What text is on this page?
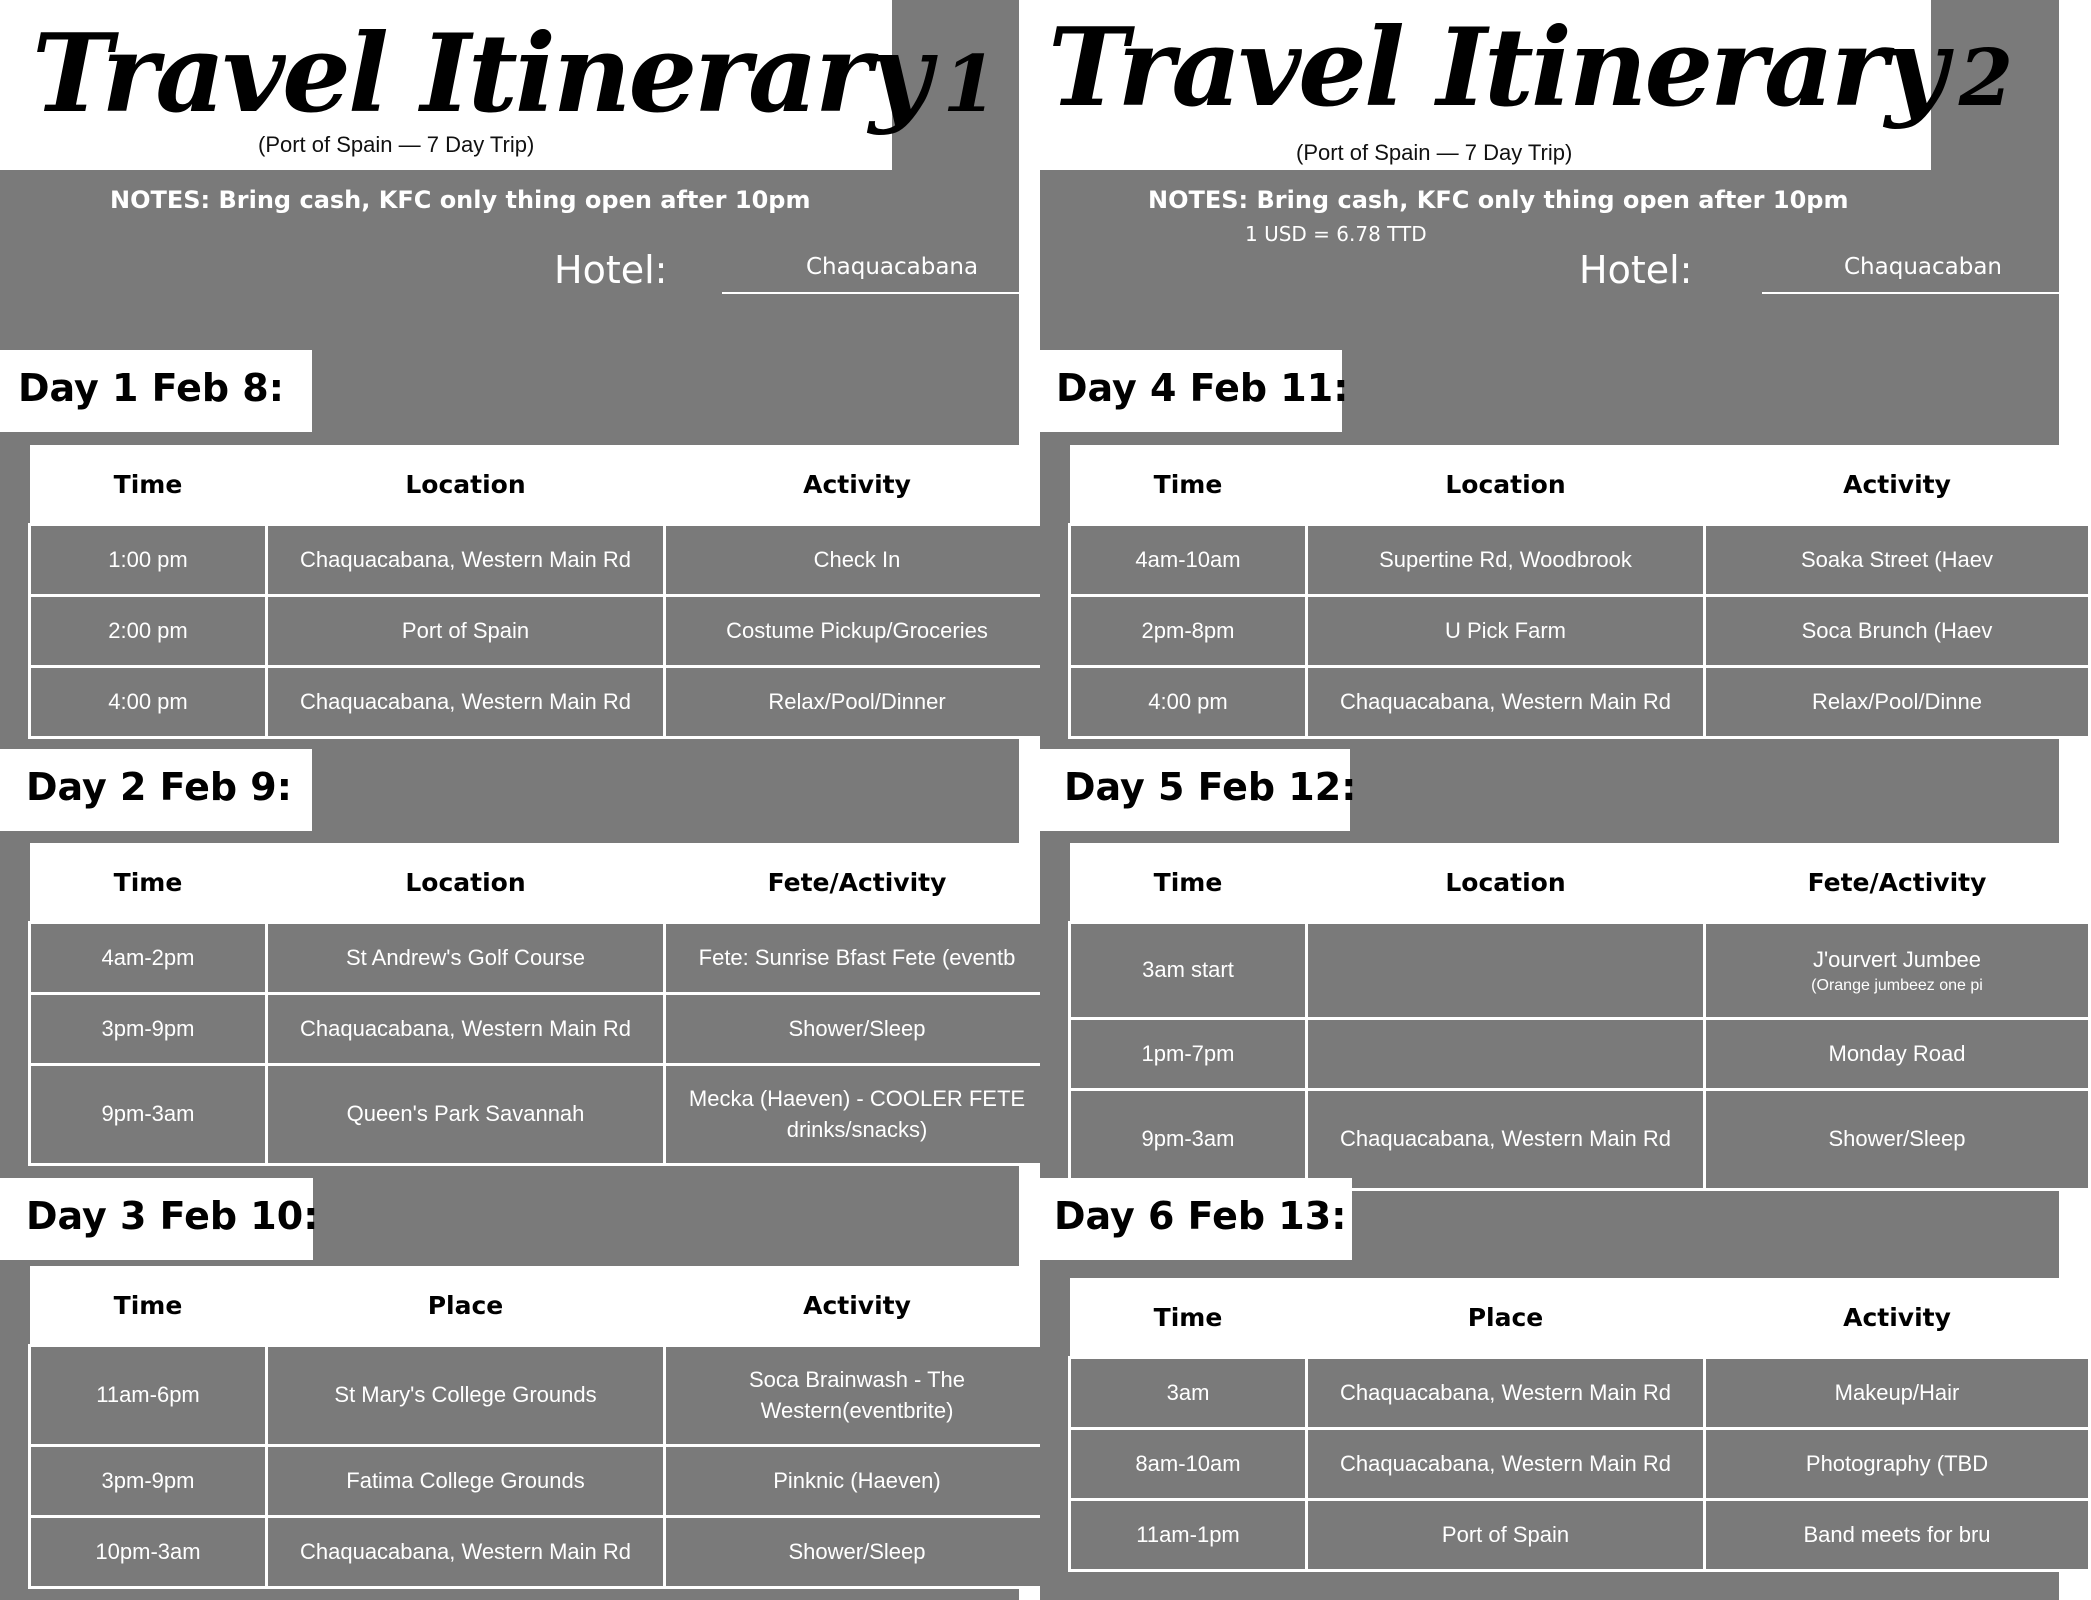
Travel Itinerary 1
(Port of Spain — 7 Day Trip)
NOTES: Bring cash, KFC only thing open after 10pm
Hotel:	Chaquacabana
Day 1 Feb 8:
Time	Location	Activity
1:00 pm	Chaquacabana, Western Main Rd	Check In
2:00 pm	Port of Spain	Costume Pickup/Groceries
4:00 pm	Chaquacabana, Western Main Rd	Relax/Pool/Dinner
Day 2 Feb 9:
Time	Location	Fete/Activity
4am-2pm	St Andrew's Golf Course	Fete: Sunrise Bfast Fete (eventb
3pm-9pm	Chaquacabana, Western Main Rd	Shower/Sleep
9pm-3am	Queen's Park Savannah	Mecka (Haeven) - COOLER FETE drinks/snacks)
Day 3 Feb 10:
Time	Place	Activity
11am-6pm	St Mary's College Grounds	Soca Brainwash - The Western(eventbrite)
3pm-9pm	Fatima College Grounds	Pinknic (Haeven)
10pm-3am	Chaquacabana, Western Main Rd	Shower/Sleep
Travel Itinerary 2
(Port of Spain — 7 Day Trip)
NOTES: Bring cash, KFC only thing open after 10pm
1 USD = 6.78 TTD
Hotel:	Chaquacaban
Day 4 Feb 11:
Time	Location	Activity
4am-10am	Supertine Rd, Woodbrook	Soaka Street (Haev
2pm-8pm	U Pick Farm	Soca Brunch (Haev
4:00 pm	Chaquacabana, Western Main Rd	Relax/Pool/Dinne
Day 5 Feb 12:
Time	Location	Fete/Activity
3am start		J'ourvert Jumbee
(Orange jumbeez one pi

1pm-7pm		Monday Road
9pm-3am	Chaquacabana, Western Main Rd	Shower/Sleep
Day 6 Feb 13:
Time	Place	Activity
3am	Chaquacabana, Western Main Rd	Makeup/Hair
8am-10am	Chaquacabana, Western Main Rd	Photography (TBD
11am-1pm	Port of Spain	Band meets for bru
